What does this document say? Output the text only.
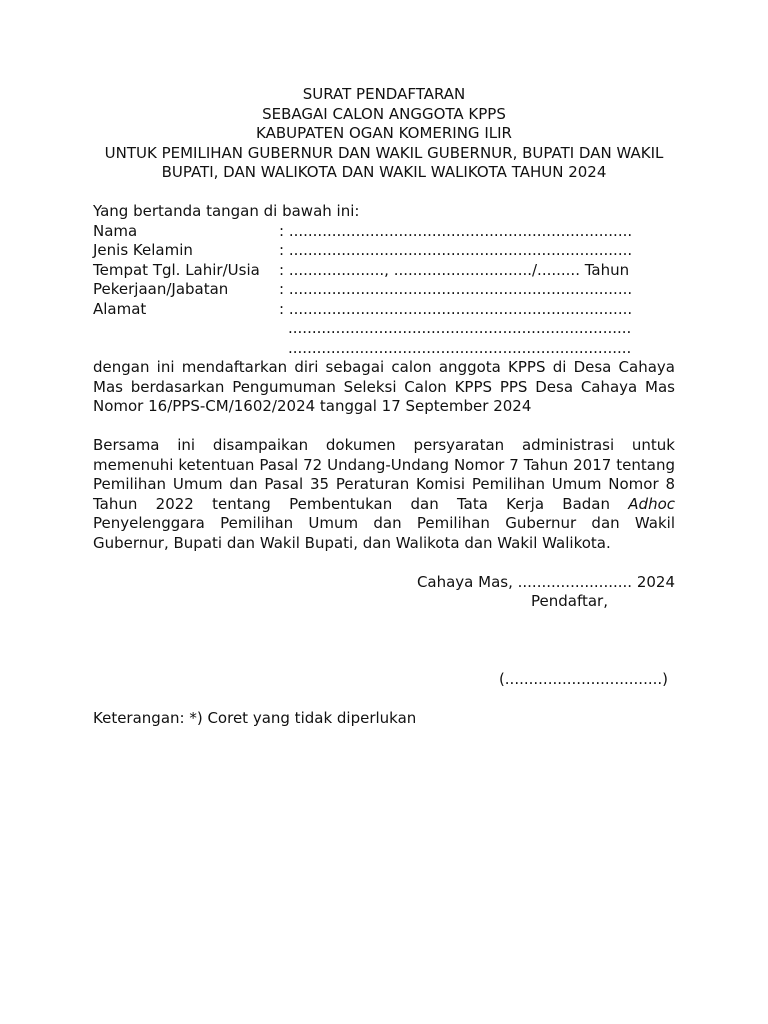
SURAT PENDAFTARAN
SEBAGAI CALON ANGGOTA KPPS
KABUPATEN OGAN KOMERING ILIR
UNTUK PEMILIHAN GUBERNUR DAN WAKIL GUBERNUR, BUPATI DAN WAKIL
BUPATI, DAN WALIKOTA DAN WAKIL WALIKOTA TAHUN 2024
Yang bertanda tangan di bawah ini:
Nama	: ........................................................................
Jenis Kelamin	: ........................................................................
Tempat Tgl. Lahir/Usia	: ...................., ............................./......... Tahun
Pekerjaan/Jabatan	: ........................................................................
Alamat	: ........................................................................
........................................................................
........................................................................
dengan ini mendaftarkan diri sebagai calon anggota KPPS di Desa Cahaya Mas berdasarkan Pengumuman Seleksi Calon KPPS PPS Desa Cahaya Mas Nomor 16/PPS-CM/1602/2024 tanggal 17 September 2024
Bersama ini disampaikan dokumen persyaratan administrasi untuk memenuhi ketentuan Pasal 72 Undang-Undang Nomor 7 Tahun 2017 tentang Pemilihan Umum dan Pasal 35 Peraturan Komisi Pemilihan Umum Nomor 8 Tahun 2022 tentang Pembentukan dan Tata Kerja Badan Adhoc Penyelenggara Pemilihan Umum dan Pemilihan Gubernur dan Wakil Gubernur, Bupati dan Wakil Bupati, dan Walikota dan Wakil Walikota.
Cahaya Mas, ........................ 2024
Pendaftar,
(.................................)
Keterangan: *) Coret yang tidak diperlukan
